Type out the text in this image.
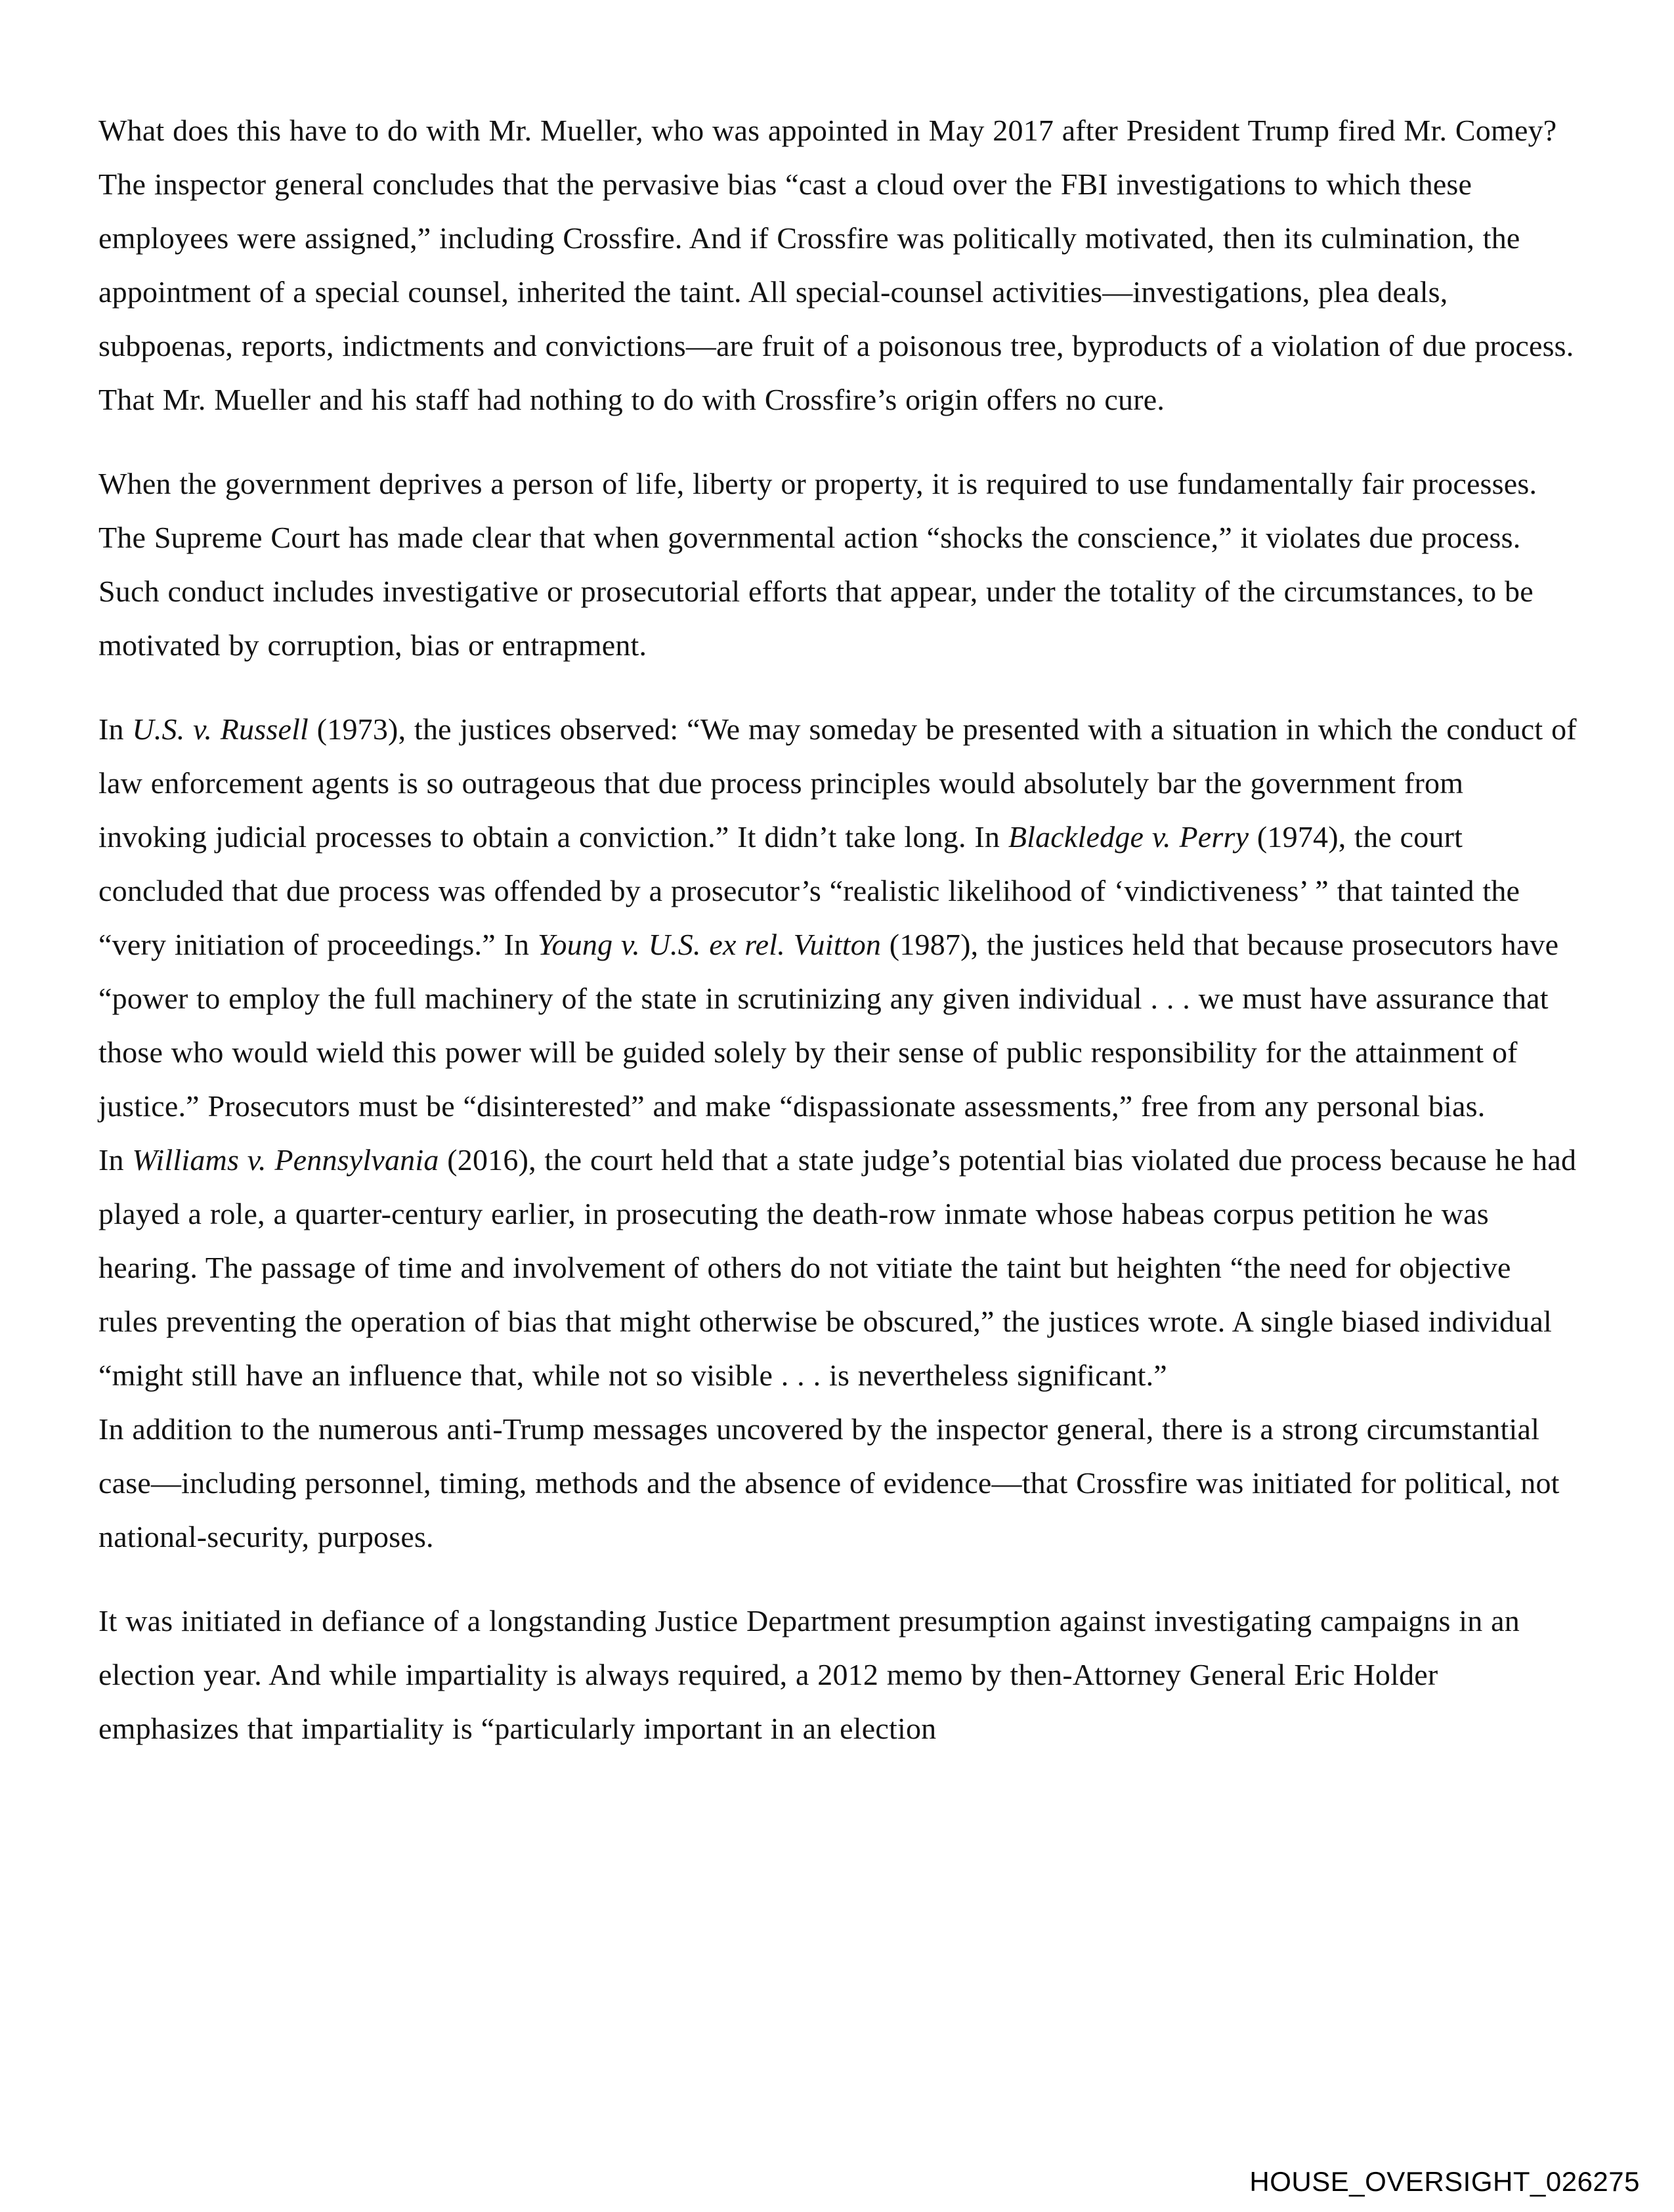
What does this have to do with Mr. Mueller, who was appointed in May 2017 after President Trump fired Mr. Comey? The inspector general concludes that the pervasive bias “cast a cloud over the FBI investigations to which these employees were assigned,” including Crossfire. And if Crossfire was politically motivated, then its culmination, the appointment of a special counsel, inherited the taint. All special-counsel activities—investigations, plea deals, subpoenas, reports, indictments and convictions—are fruit of a poisonous tree, byproducts of a violation of due process. That Mr. Mueller and his staff had nothing to do with Crossfire’s origin offers no cure.

When the government deprives a person of life, liberty or property, it is required to use fundamentally fair processes. The Supreme Court has made clear that when governmental action “shocks the conscience,” it violates due process. Such conduct includes investigative or prosecutorial efforts that appear, under the totality of the circumstances, to be motivated by corruption, bias or entrapment.

In U.S. v. Russell (1973), the justices observed: “We may someday be presented with a situation in which the conduct of law enforcement agents is so outrageous that due process principles would absolutely bar the government from invoking judicial processes to obtain a conviction.” It didn’t take long. In Blackledge v. Perry (1974), the court concluded that due process was offended by a prosecutor’s “realistic likelihood of ‘vindictiveness’ ” that tainted the “very initiation of proceedings.” In Young v. U.S. ex rel. Vuitton (1987), the justices held that because prosecutors have “power to employ the full machinery of the state in scrutinizing any given individual . . . we must have assurance that those who would wield this power will be guided solely by their sense of public responsibility for the attainment of justice.” Prosecutors must be “disinterested” and make “dispassionate assessments,” free from any personal bias.

In Williams v. Pennsylvania (2016), the court held that a state judge’s potential bias violated due process because he had played a role, a quarter-century earlier, in prosecuting the death-row inmate whose habeas corpus petition he was hearing. The passage of time and involvement of others do not vitiate the taint but heighten “the need for objective rules preventing the operation of bias that might otherwise be obscured,” the justices wrote. A single biased individual “might still have an influence that, while not so visible . . . is nevertheless significant.”

In addition to the numerous anti-Trump messages uncovered by the inspector general, there is a strong circumstantial case—including personnel, timing, methods and the absence of evidence—that Crossfire was initiated for political, not national-security, purposes.

It was initiated in defiance of a longstanding Justice Department presumption against investigating campaigns in an election year. And while impartiality is always required, a 2012 memo by then-Attorney General Eric Holder emphasizes that impartiality is “particularly important in an election

HOUSE_OVERSIGHT_026275
